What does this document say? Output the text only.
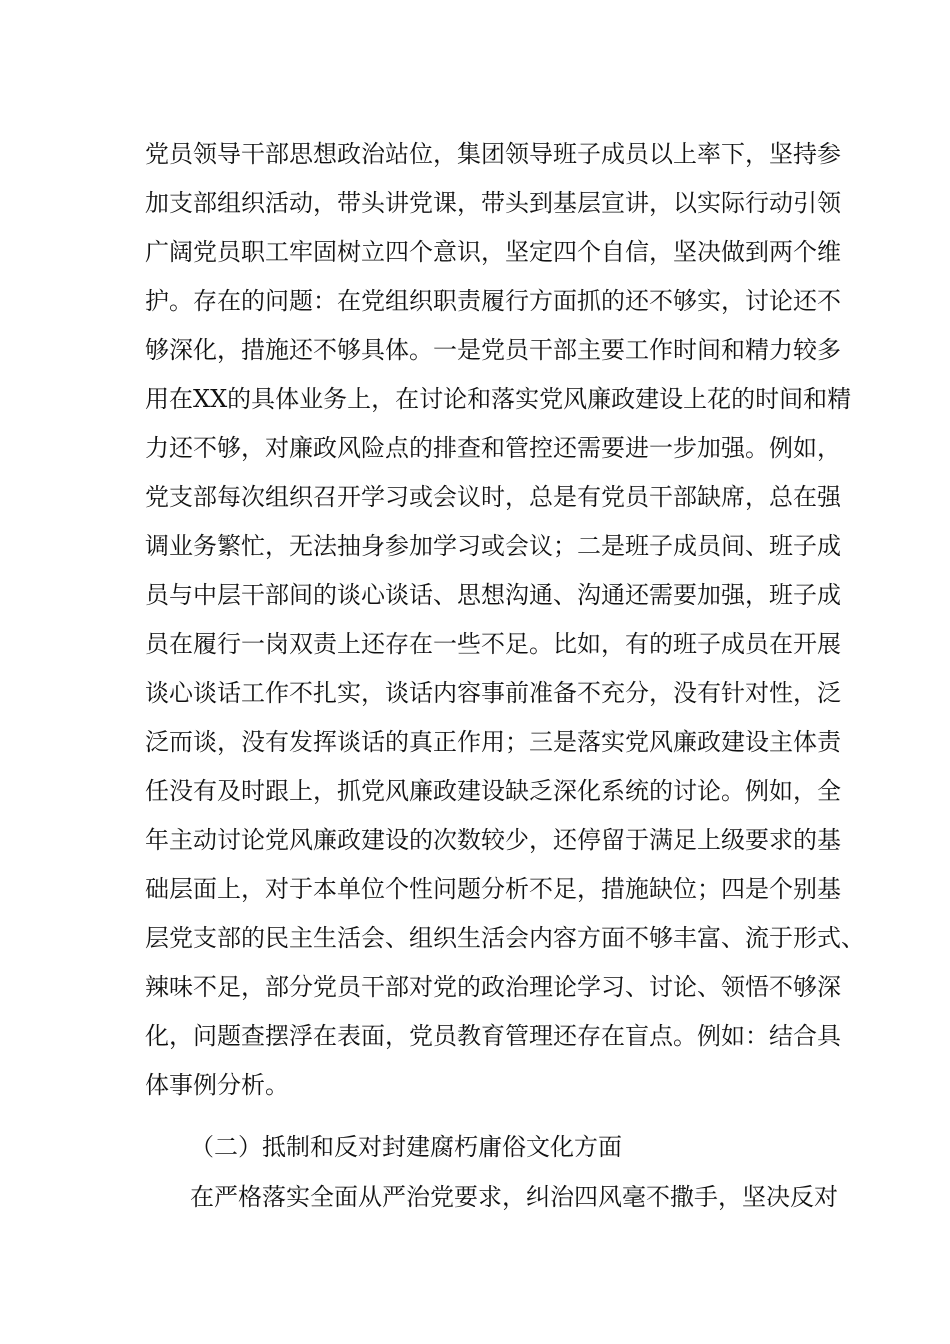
党员领导干部思想政治站位，集团领导班子成员以上率下，坚持参
加支部组织活动，带头讲党课，带头到基层宣讲，以实际行动引领
广阔党员职工牢固树立四个意识，坚定四个自信，坚决做到两个维
护。存在的问题：在党组织职责履行方面抓的还不够实，讨论还不
够深化，措施还不够具体。一是党员干部主要工作时间和精力较多
用在XX的具体业务上，在讨论和落实党风廉政建设上花的时间和精
力还不够，对廉政风险点的排查和管控还需要进一步加强。例如，
党支部每次组织召开学习或会议时，总是有党员干部缺席，总在强
调业务繁忙，无法抽身参加学习或会议；二是班子成员间、班子成
员与中层干部间的谈心谈话、思想沟通、沟通还需要加强，班子成
员在履行一岗双责上还存在一些不足。比如，有的班子成员在开展
谈心谈话工作不扎实，谈话内容事前准备不充分，没有针对性，泛
泛而谈，没有发挥谈话的真正作用；三是落实党风廉政建设主体责
任没有及时跟上，抓党风廉政建设缺乏深化系统的讨论。例如，全
年主动讨论党风廉政建设的次数较少，还停留于满足上级要求的基
础层面上，对于本单位个性问题分析不足，措施缺位；四是个别基
层党支部的民主生活会、组织生活会内容方面不够丰富、流于形式、
辣味不足，部分党员干部对党的政治理论学习、讨论、领悟不够深
化，问题查摆浮在表面，党员教育管理还存在盲点。例如：结合具
体事例分析。
（二）抵制和反对封建腐朽庸俗文化方面
在严格落实全面从严治党要求，纠治四风毫不撒手，坚决反对
